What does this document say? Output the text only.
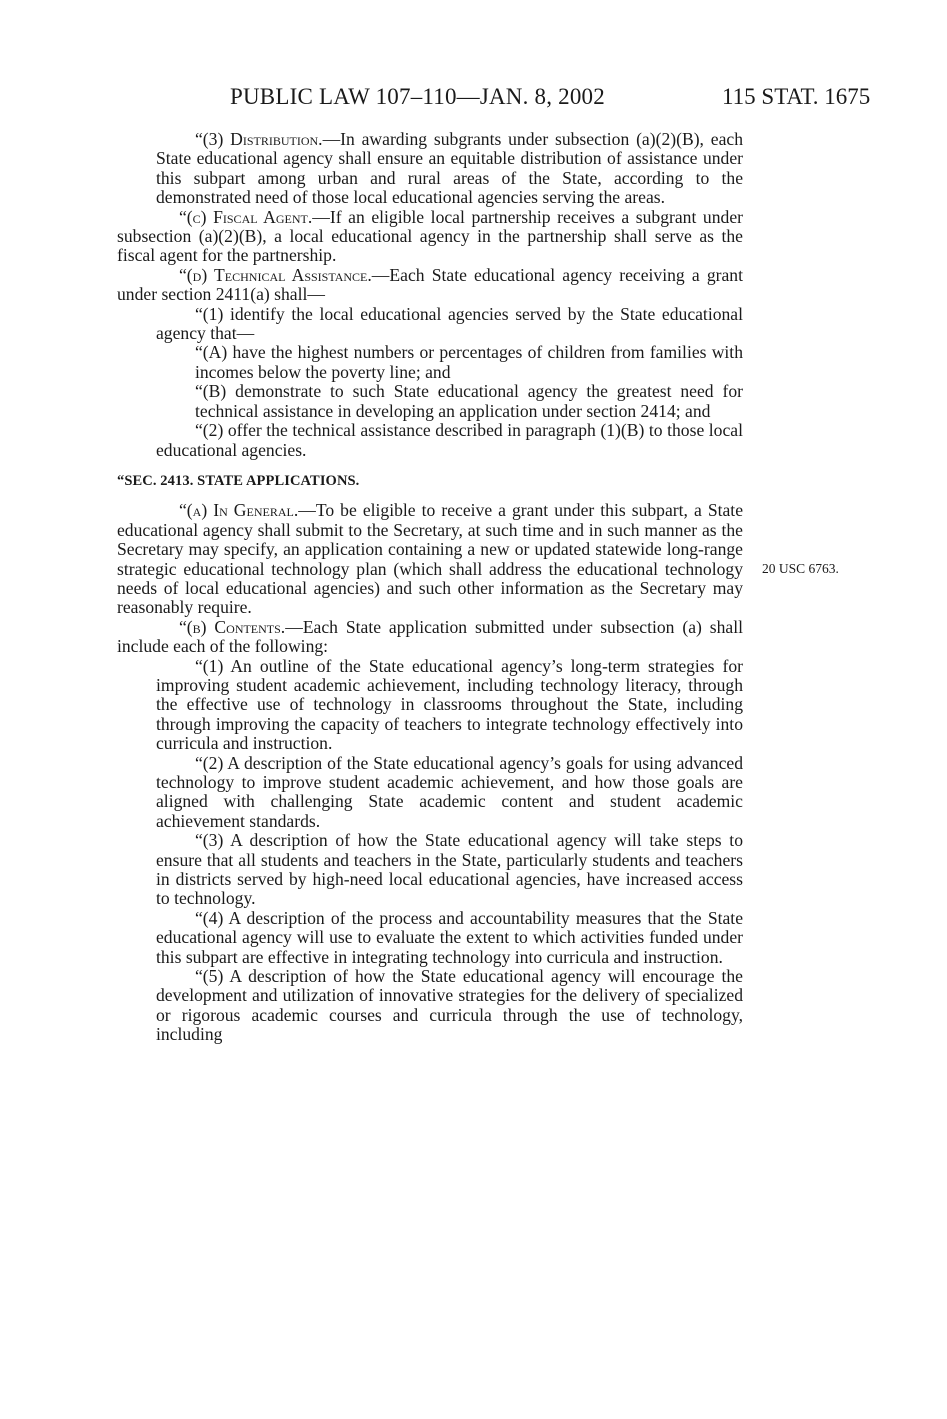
PUBLIC LAW 107–110—JAN. 8, 2002	115 STAT. 1675
20 USC 6763.

“(3) Distribution.—In awarding subgrants under subsection (a)(2)(B), each State educational agency shall ensure an equitable distribution of assistance under this subpart among urban and rural areas of the State, according to the demonstrated need of those local educational agencies serving the areas.

“(c) Fiscal Agent.—If an eligible local partnership receives a subgrant under subsection (a)(2)(B), a local educational agency in the partnership shall serve as the fiscal agent for the partnership.

“(d) Technical Assistance.—Each State educational agency receiving a grant under section 2411(a) shall—

“(1) identify the local educational agencies served by the State educational agency that—

“(A) have the highest numbers or percentages of children from families with incomes below the poverty line; and

“(B) demonstrate to such State educational agency the greatest need for technical assistance in developing an application under section 2414; and

“(2) offer the technical assistance described in paragraph (1)(B) to those local educational agencies.

“SEC. 2413. STATE APPLICATIONS.

“(a) In General.—To be eligible to receive a grant under this subpart, a State educational agency shall submit to the Secretary, at such time and in such manner as the Secretary may specify, an application containing a new or updated statewide long-range strategic educational technology plan (which shall address the educational technology needs of local educational agencies) and such other information as the Secretary may reasonably require.

“(b) Contents.—Each State application submitted under subsection (a) shall include each of the following:

“(1) An outline of the State educational agency’s long-term strategies for improving student academic achievement, including technology literacy, through the effective use of technology in classrooms throughout the State, including through improving the capacity of teachers to integrate technology effectively into curricula and instruction.

“(2) A description of the State educational agency’s goals for using advanced technology to improve student academic achievement, and how those goals are aligned with challenging State academic content and student academic achievement standards.

“(3) A description of how the State educational agency will take steps to ensure that all students and teachers in the State, particularly students and teachers in districts served by high-need local educational agencies, have increased access to technology.

“(4) A description of the process and accountability measures that the State educational agency will use to evaluate the extent to which activities funded under this subpart are effective in integrating technology into curricula and instruction.

“(5) A description of how the State educational agency will encourage the development and utilization of innovative strategies for the delivery of specialized or rigorous academic courses and curricula through the use of technology, including
